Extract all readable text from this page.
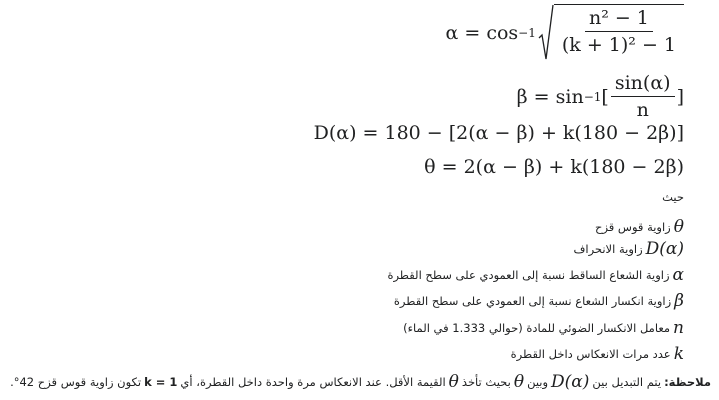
$\alpha = \cos -1 \frac{\text{n² − 1}}{\text{(k + 1)² − 1}}$
β = sin −1 [ $\frac{\sin(\alpha)}{n}$ ]
D(α) = 180 − [2(α − β) + k(180 − 2β)]
θ = 2(α − β) + k(180 − 2β)
حيث
θ
زاوية قوس قزح
D(α)
زاوية الانحراف
α
زاوية الشعاع الساقط نسبة إلى العمودي على سطح القطرة
β
زاوية انكسار الشعاع نسبة إلى العمودي على سطح القطرة
n
معامل الانكسار الضوئي للمادة (حوالي 1.333 في الماء)
k
عدد مرات الانعكاس داخل القطرة
ملاحظة:
يتم التبديل بين
D(α)
وبين
θ
بحيث تأخذ
θ
القيمة الأقل. عند الانعكاس مرة واحدة داخل القطرة، أي
k = 1
تكون زاوية قوس قزح 42°.
